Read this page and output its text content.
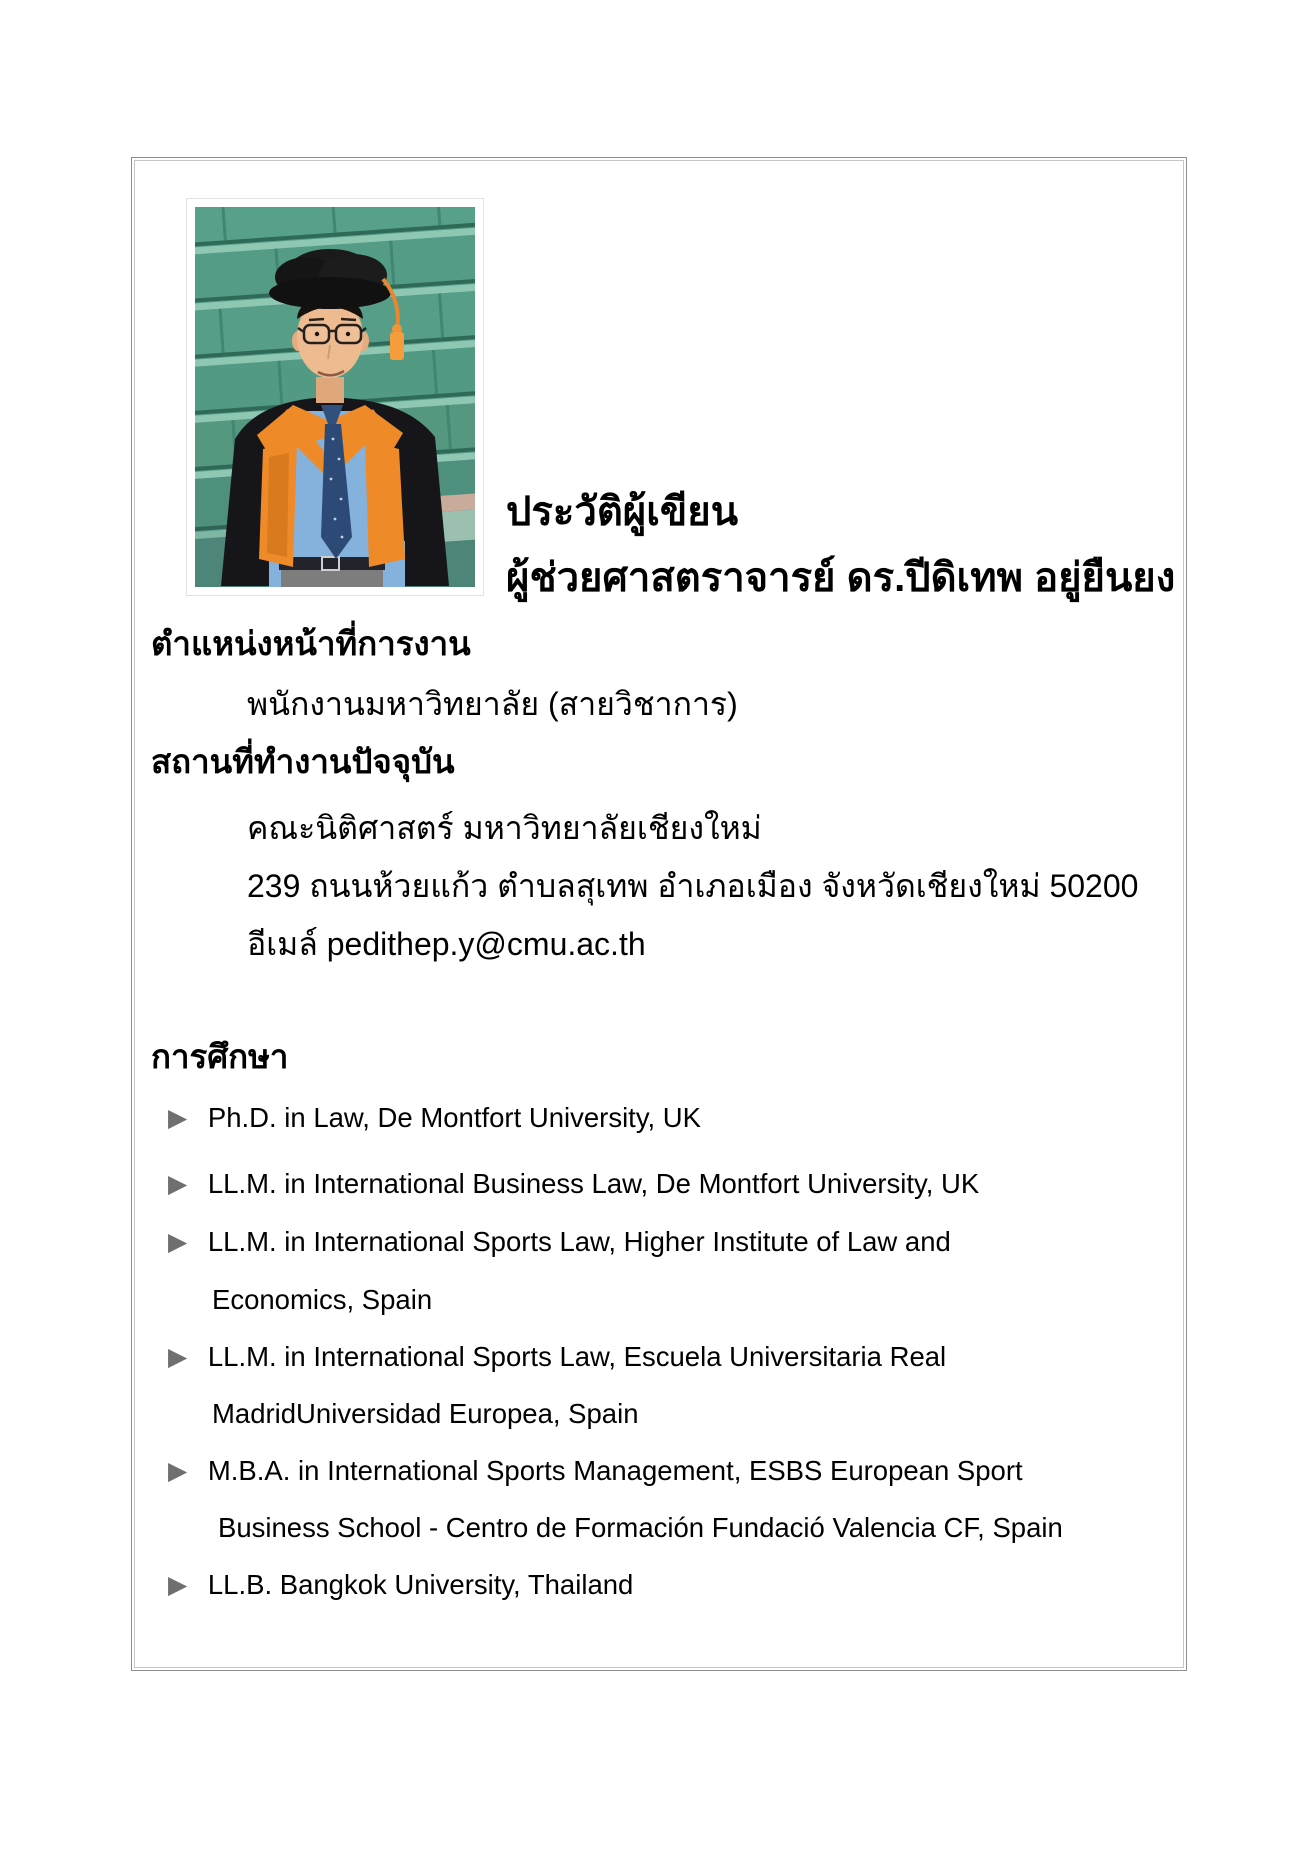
ประวัติผู้เขียน
ผู้ช่วยศาสตราจารย์ ดร.ปีดิเทพ อยู่ยืนยง
ตำแหน่งหน้าที่การงาน
พนักงานมหาวิทยาลัย (สายวิชาการ)
สถานที่ทำงานปัจจุบัน
คณะนิติศาสตร์ มหาวิทยาลัยเชียงใหม่
239 ถนนห้วยแก้ว ตำบลสุเทพ อำเภอเมือง จังหวัดเชียงใหม่ 50200
อีเมล์ pedithep.y@cmu.ac.th
การศึกษา
▶ Ph.D. in Law, De Montfort University, UK
▶ LL.M. in International Business Law, De Montfort University, UK
▶ LL.M. in International Sports Law, Higher Institute of Law and
Economics, Spain
▶ LL.M. in International Sports Law, Escuela Universitaria Real
MadridUniversidad Europea, Spain
▶ M.B.A. in International Sports Management, ESBS European Sport
Business School - Centro de Formación Fundació Valencia CF, Spain
▶ LL.B. Bangkok University, Thailand
